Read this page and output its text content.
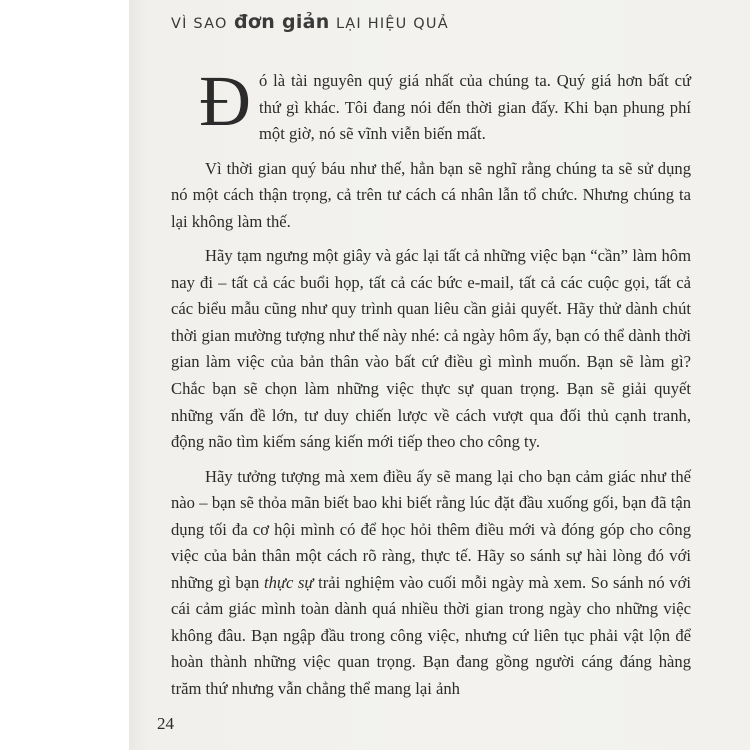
VÌ SAO đơn giản LẠI HIỆU QUẢ

Đó là tài nguyên quý giá nhất của chúng ta. Quý giá hơn bất cứ thứ gì khác. Tôi đang nói đến thời gian đấy. Khi bạn phung phí một giờ, nó sẽ vĩnh viễn biến mất.

Vì thời gian quý báu như thế, hẳn bạn sẽ nghĩ rằng chúng ta sẽ sử dụng nó một cách thận trọng, cả trên tư cách cá nhân lẫn tổ chức. Nhưng chúng ta lại không làm thế.

Hãy tạm ngưng một giây và gác lại tất cả những việc bạn “cần” làm hôm nay đi – tất cả các buổi họp, tất cả các bức e-mail, tất cả các cuộc gọi, tất cả các biểu mẫu cũng như quy trình quan liêu cần giải quyết. Hãy thử dành chút thời gian mường tượng như thế này nhé: cả ngày hôm ấy, bạn có thể dành thời gian làm việc của bản thân vào bất cứ điều gì mình muốn. Bạn sẽ làm gì? Chắc bạn sẽ chọn làm những việc thực sự quan trọng. Bạn sẽ giải quyết những vấn đề lớn, tư duy chiến lược về cách vượt qua đối thủ cạnh tranh, động não tìm kiếm sáng kiến mới tiếp theo cho công ty.

Hãy tưởng tượng mà xem điều ấy sẽ mang lại cho bạn cảm giác như thế nào – bạn sẽ thỏa mãn biết bao khi biết rằng lúc đặt đầu xuống gối, bạn đã tận dụng tối đa cơ hội mình có để học hỏi thêm điều mới và đóng góp cho công việc của bản thân một cách rõ ràng, thực tế. Hãy so sánh sự hài lòng đó với những gì bạn thực sự trải nghiệm vào cuối mỗi ngày mà xem. So sánh nó với cái cảm giác mình toàn dành quá nhiều thời gian trong ngày cho những việc không đâu. Bạn ngập đầu trong công việc, nhưng cứ liên tục phải vật lộn để hoàn thành những việc quan trọng. Bạn đang gồng người cáng đáng hàng trăm thứ nhưng vẫn chẳng thể mang lại ảnh

24
